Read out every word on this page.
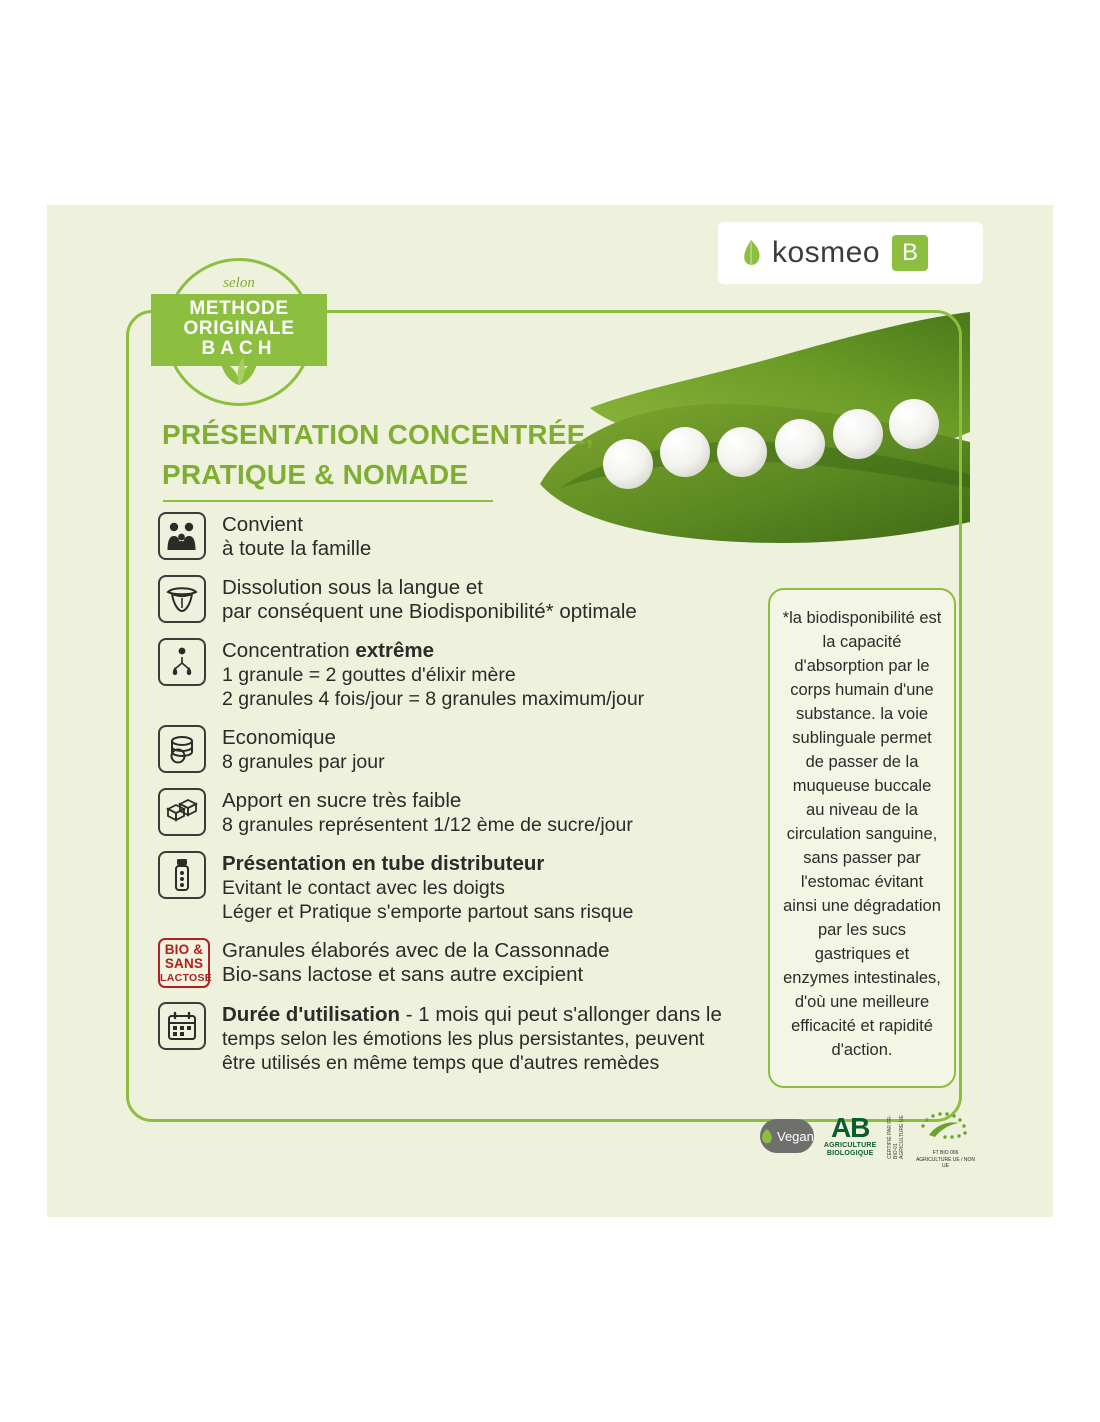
kosmeo B
selon
METHODE
ORIGINALE
BACH
PRÉSENTATION CONCENTRÉE,
PRATIQUE & NOMADE
Convient
à toute la famille
Dissolution sous la langue et
par conséquent une Biodisponibilité* optimale
Concentration extrême
1 granule = 2 gouttes d'élixir mère
2 granules 4 fois/jour = 8 granules maximum/jour
Economique
8 granules par jour
Apport en sucre très faible
8 granules représentent 1/12 ème de sucre/jour
Présentation en tube distributeur
Evitant le contact avec les doigts
Léger et Pratique s'emporte partout sans risque
BIO &
SANS
LACTOSE
Granules élaborés avec de la Cassonnade
Bio-sans lactose et sans autre excipient
Durée d'utilisation - 1 mois qui peut s'allonger dans le
temps selon les émotions les plus persistantes, peuvent
être utilisés en même temps que d'autres remèdes
*la biodisponibilité est la capacité d'absorption par le corps humain d'une substance. la voie sublinguale permet de passer de la muqueuse buccale au niveau de la circulation sanguine, sans passer par l'estomac évitant ainsi une dégradation par les sucs gastriques et enzymes intestinales, d'où une meilleure efficacité et rapidité d'action.
Vegan AB
AGRICULTURE
BIOLOGIQUE	CERTIFIÉ PAR FR-BIO-01 AGRICULTURE UE	FT BIO 006
AGRICULTURE UE / NON UE
